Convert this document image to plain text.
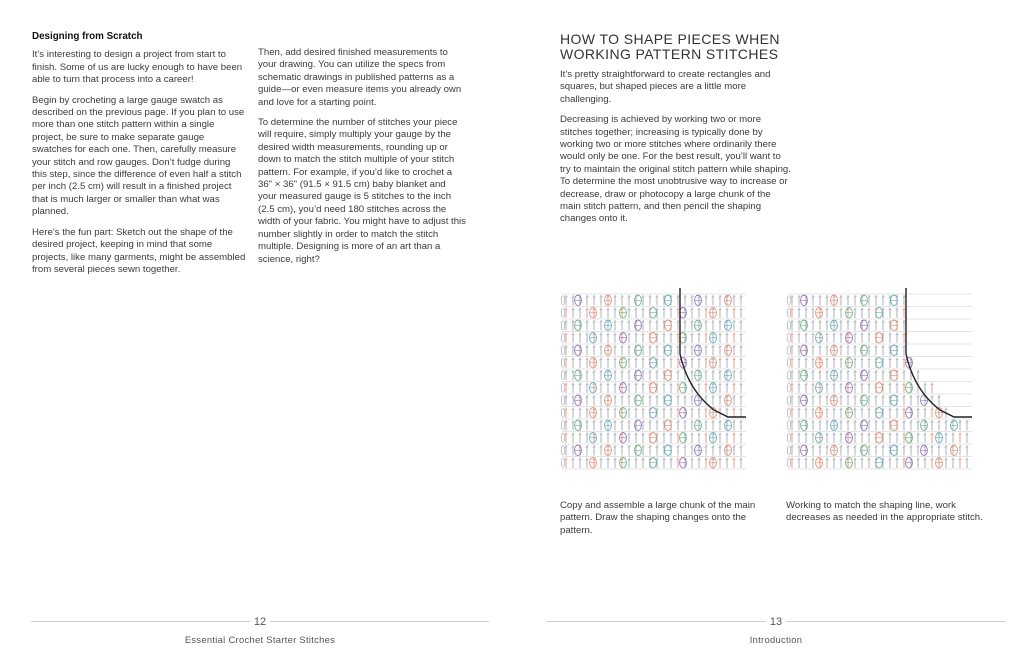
Designing from Scratch

It’s interesting to design a project from start to finish. Some of us are lucky enough to have been able to turn that process into a career!

Begin by crocheting a large gauge swatch as described on the previous page. If you plan to use more than one stitch pattern within a single project, be sure to make separate gauge swatches for each one. Then, carefully measure your stitch and row gauges. Don’t fudge during this step, since the difference of even half a stitch per inch (2.5 cm) will result in a finished project that is much larger or smaller than what was planned.

Here’s the fun part: Sketch out the shape of the desired project, keeping in mind that some projects, like many garments, might be assembled from several pieces sewn together.

Then, add desired finished measurements to your drawing. You can utilize the specs from schematic drawings in published patterns as a guide—or even measure items you already own and love for a starting point.

To determine the number of stitches your piece will require, simply multiply your gauge by the desired width measurements, rounding up or down to match the stitch multiple of your stitch pattern. For example, if you’d like to crochet a 36" × 36" (91.5 × 91.5 cm) baby blanket and your measured gauge is 5 stitches to the inch (2.5 cm), you’d need 180 stitches across the width of your fabric. You might have to adjust this number slightly in order to match the stitch multiple. Designing is more of an art than a science, right?

HOW TO SHAPE PIECES WHEN WORKING PATTERN STITCHES

It’s pretty straightforward to create rectangles and squares, but shaped pieces are a little more challenging.

Decreasing is achieved by working two or more stitches together; increasing is typically done by working two or more stitches where ordinarily there would only be one. For the best result, you’ll want to try to maintain the original stitch pattern while shaping. To determine the most unobtrusive way to increase or decrease, draw or photocopy a large chunk of the main stitch pattern, and then pencil the shaping changes onto it.

Copy and assemble a large chunk of the main pattern. Draw the shaping changes onto the pattern.
Working to match the shaping line, work decreases as needed in the appropriate stitch.
12
Essential Crochet Starter Stitches
13
Introduction
